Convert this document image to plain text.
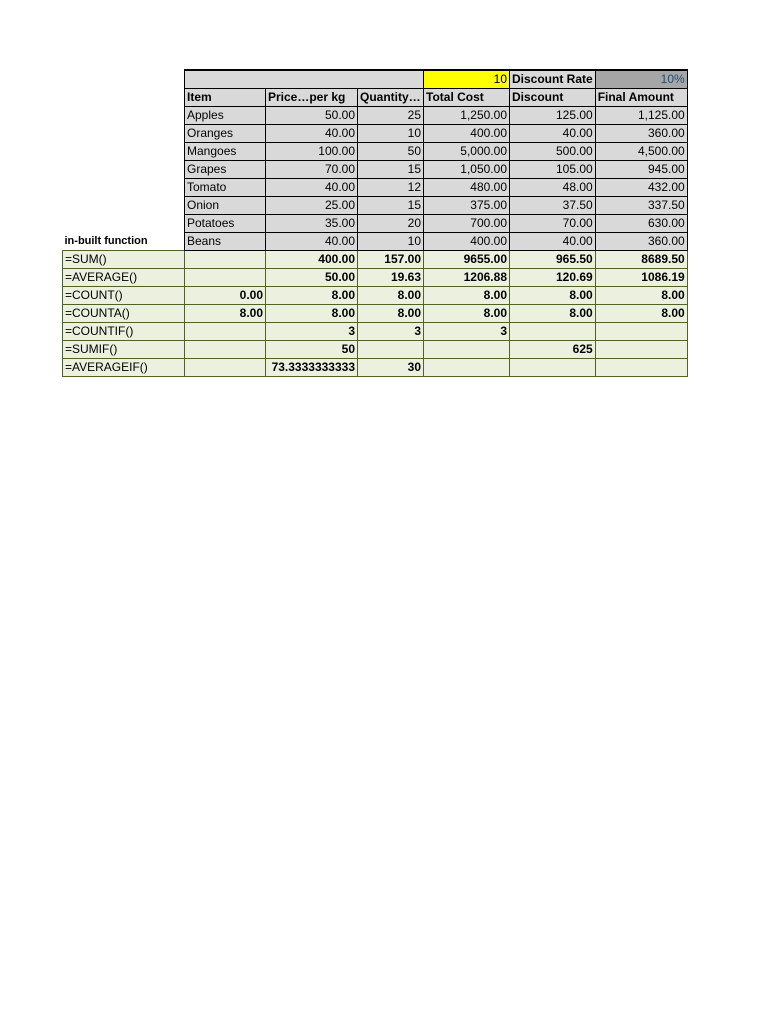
				10	Discount Rate	10%
	Item	Price…per kg	Quantity…	Total Cost	Discount	Final Amount
	Apples	50.00	25	1,250.00	125.00	1,125.00
	Oranges	40.00	10	400.00	40.00	360.00
	Mangoes	100.00	50	5,000.00	500.00	4,500.00
	Grapes	70.00	15	1,050.00	105.00	945.00
	Tomato	40.00	12	480.00	48.00	432.00
	Onion	25.00	15	375.00	37.50	337.50
	Potatoes	35.00	20	700.00	70.00	630.00
in-built function	Beans	40.00	10	400.00	40.00	360.00
=SUM()		400.00	157.00	9655.00	965.50	8689.50
=AVERAGE()		50.00	19.63	1206.88	120.69	1086.19
=COUNT()	0.00	8.00	8.00	8.00	8.00	8.00
=COUNTA()	8.00	8.00	8.00	8.00	8.00	8.00
=COUNTIF()		3	3	3		
=SUMIF()		50			625	
=AVERAGEIF()		73.3333333333	30			
